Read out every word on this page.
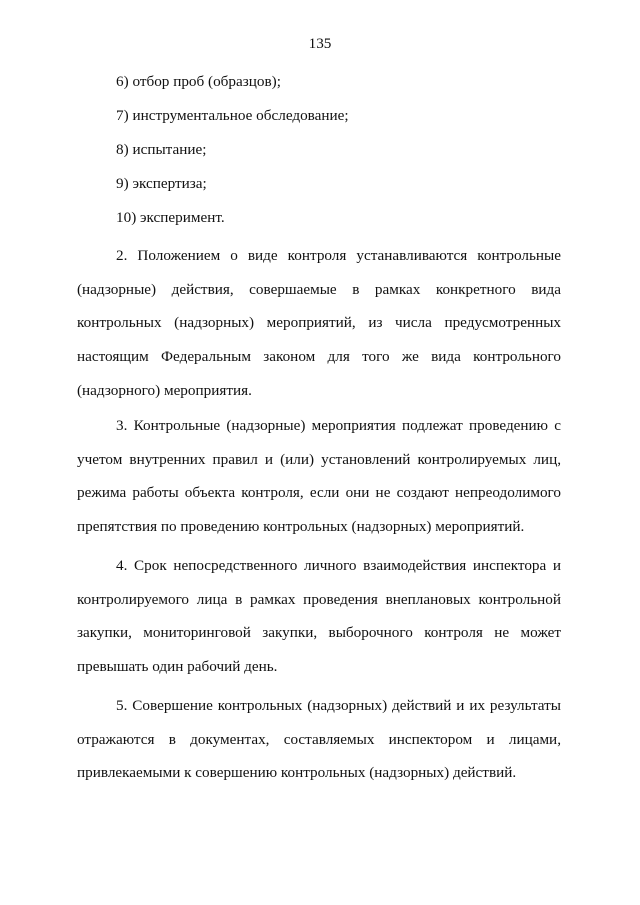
135
6) отбор проб (образцов);
7) инструментальное обследование;
8) испытание;
9) экспертиза;
10) эксперимент.

2. Положением о виде контроля устанавливаются контрольные (надзорные) действия, совершаемые в рамках конкретного вида контрольных (надзорных) мероприятий, из числа предусмотренных настоящим Федеральным законом для того же вида контрольного (надзорного) мероприятия.

3. Контрольные (надзорные) мероприятия подлежат проведению с учетом внутренних правил и (или) установлений контролируемых лиц, режима работы объекта контроля, если они не создают непреодолимого препятствия по проведению контрольных (надзорных) мероприятий.

4. Срок непосредственного личного взаимодействия инспектора и контролируемого лица в рамках проведения внеплановых контрольной закупки, мониторинговой закупки, выборочного контроля не может превышать один рабочий день.

5. Совершение контрольных (надзорных) действий и их результаты отражаются в документах, составляемых инспектором и лицами, привлекаемыми к совершению контрольных (надзорных) действий.
